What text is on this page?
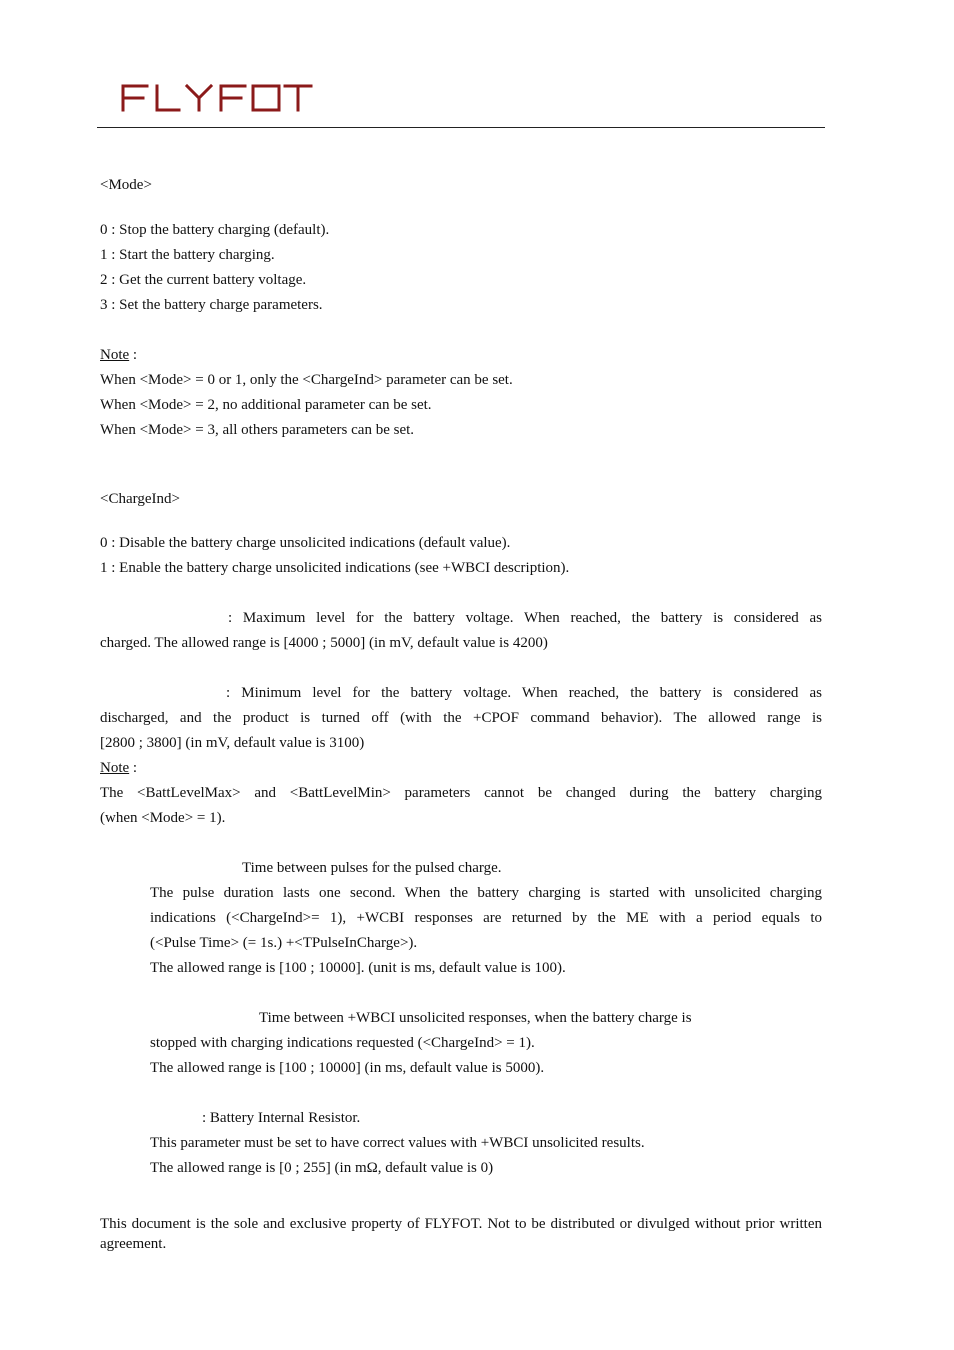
<Mode>
0 : Stop the battery charging (default).
1 : Start the battery charging.
2 : Get the current battery voltage.
3 : Set the battery charge parameters.
Note :
When <Mode> = 0 or 1, only the <ChargeInd> parameter can be set.
When <Mode> = 2, no additional parameter can be set.
When <Mode> = 3, all others parameters can be set.
<ChargeInd>
0 : Disable the battery charge unsolicited indications (default value).
1 : Enable the battery charge unsolicited indications (see +WBCI description).
: Maximum level for the battery voltage. When reached, the battery is considered as
charged. The allowed range is [4000 ; 5000] (in mV, default value is 4200)
: Minimum level for the battery voltage. When reached, the battery is considered as
discharged, and the product is turned off (with the +CPOF command behavior). The allowed range is
[2800 ; 3800] (in mV, default value is 3100)
Note :
The <BattLevelMax> and <BattLevelMin> parameters cannot be changed during the battery charging
(when <Mode> = 1).
Time between pulses for the pulsed charge.
The pulse duration lasts one second. When the battery charging is started with unsolicited charging
indications (<ChargeInd>= 1), +WCBI responses are returned by the ME with a period equals to
(<Pulse Time> (= 1s.) +<TPulseInCharge>).
The allowed range is [100 ; 10000]. (unit is ms, default value is 100).
Time between +WBCI unsolicited responses, when the battery charge is
stopped with charging indications requested (<ChargeInd> = 1).
The allowed range is [100 ; 10000] (in ms, default value is 5000).
: Battery Internal Resistor.
This parameter must be set to have correct values with +WBCI unsolicited results.
The allowed range is [0 ; 255] (in mΩ, default value is 0)
This document is the sole and exclusive property of FLYFOT. Not to be distributed or divulged without prior written agreement.
